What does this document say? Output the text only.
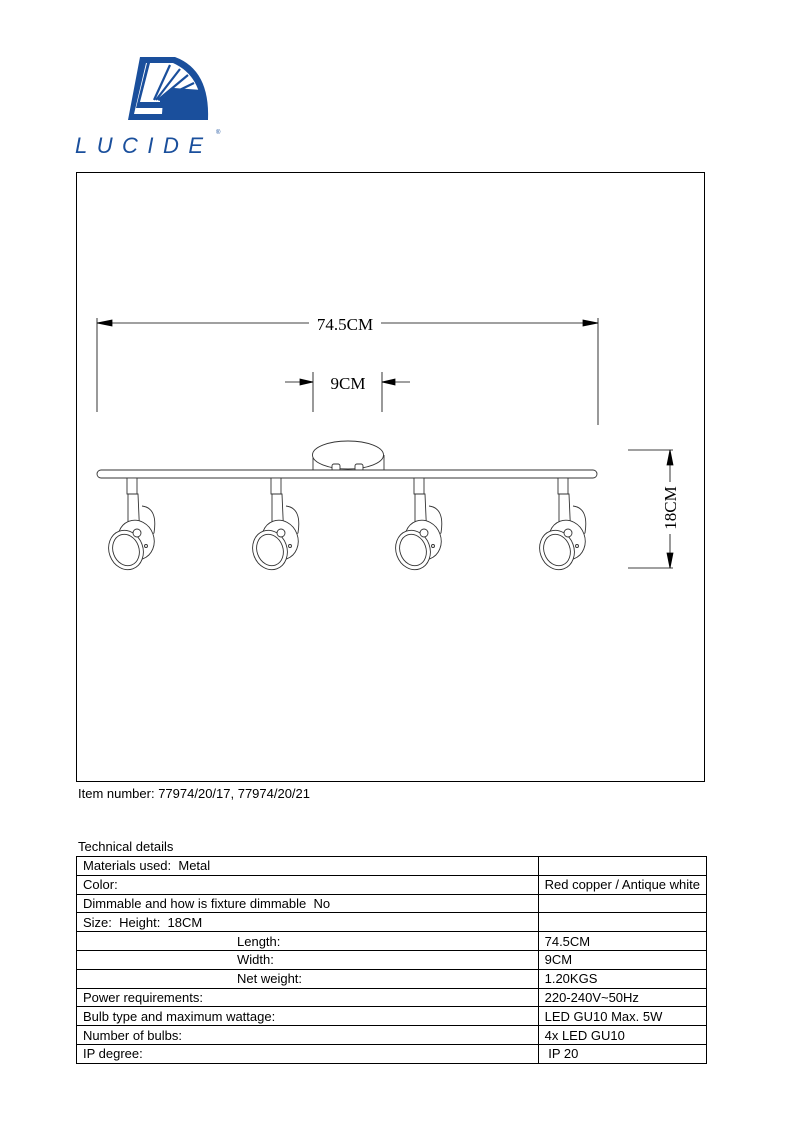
LUCIDE ®
74.5CM
9CM
18CM
Item number: 77974/20/17, 77974/20/21
Technical details
Materials used:  Metal	
Color:	Red copper / Antique white
Dimmable and how is fixture dimmable  No	
Size:  Height:  18CM	
Length:	74.5CM
Width:	9CM
Net weight:	1.20KGS
Power requirements:	220-240V~50Hz
Bulb type and maximum wattage:	LED GU10 Max. 5W
Number of bulbs:	4x LED GU10
IP degree:	IP 20
